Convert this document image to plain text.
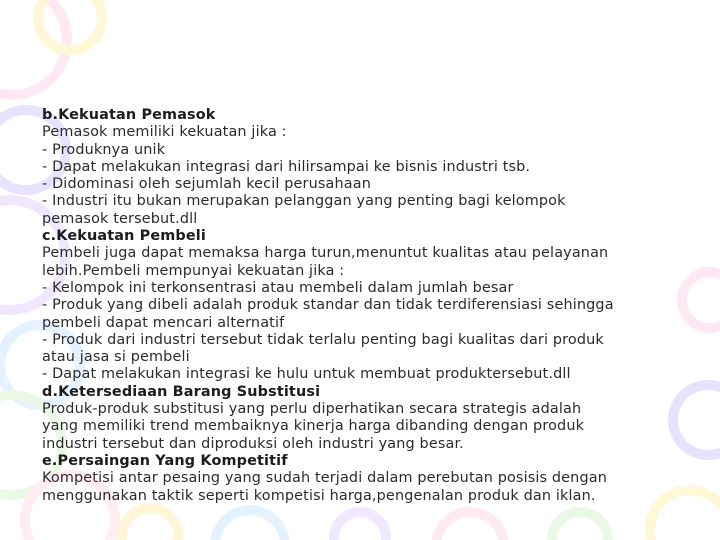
b.Kekuatan Pemasok
Pemasok memiliki kekuatan jika :
- Produknya unik
- Dapat melakukan integrasi dari hilirsampai ke bisnis industri tsb.
- Didominasi oleh sejumlah kecil perusahaan
- Industri itu bukan merupakan pelanggan yang penting bagi kelompok
pemasok tersebut.dll
c.Kekuatan Pembeli
Pembeli juga dapat memaksa harga turun,menuntut kualitas atau pelayanan
lebih.Pembeli mempunyai kekuatan jika :
- Kelompok ini terkonsentrasi atau membeli dalam jumlah besar
- Produk yang dibeli adalah produk standar dan tidak terdiferensiasi sehingga
pembeli dapat mencari alternatif
- Produk dari industri tersebut tidak terlalu penting bagi kualitas dari produk
atau jasa si pembeli
- Dapat melakukan integrasi ke hulu untuk membuat produktersebut.dll
d.Ketersediaan Barang Substitusi
Produk-produk substitusi yang perlu diperhatikan secara strategis adalah
yang memiliki trend membaiknya kinerja harga dibanding dengan produk
industri tersebut dan diproduksi oleh industri yang besar.
e.Persaingan Yang Kompetitif
Kompetisi antar pesaing yang sudah terjadi dalam perebutan posisis dengan
menggunakan taktik seperti kompetisi harga,pengenalan produk dan iklan.
